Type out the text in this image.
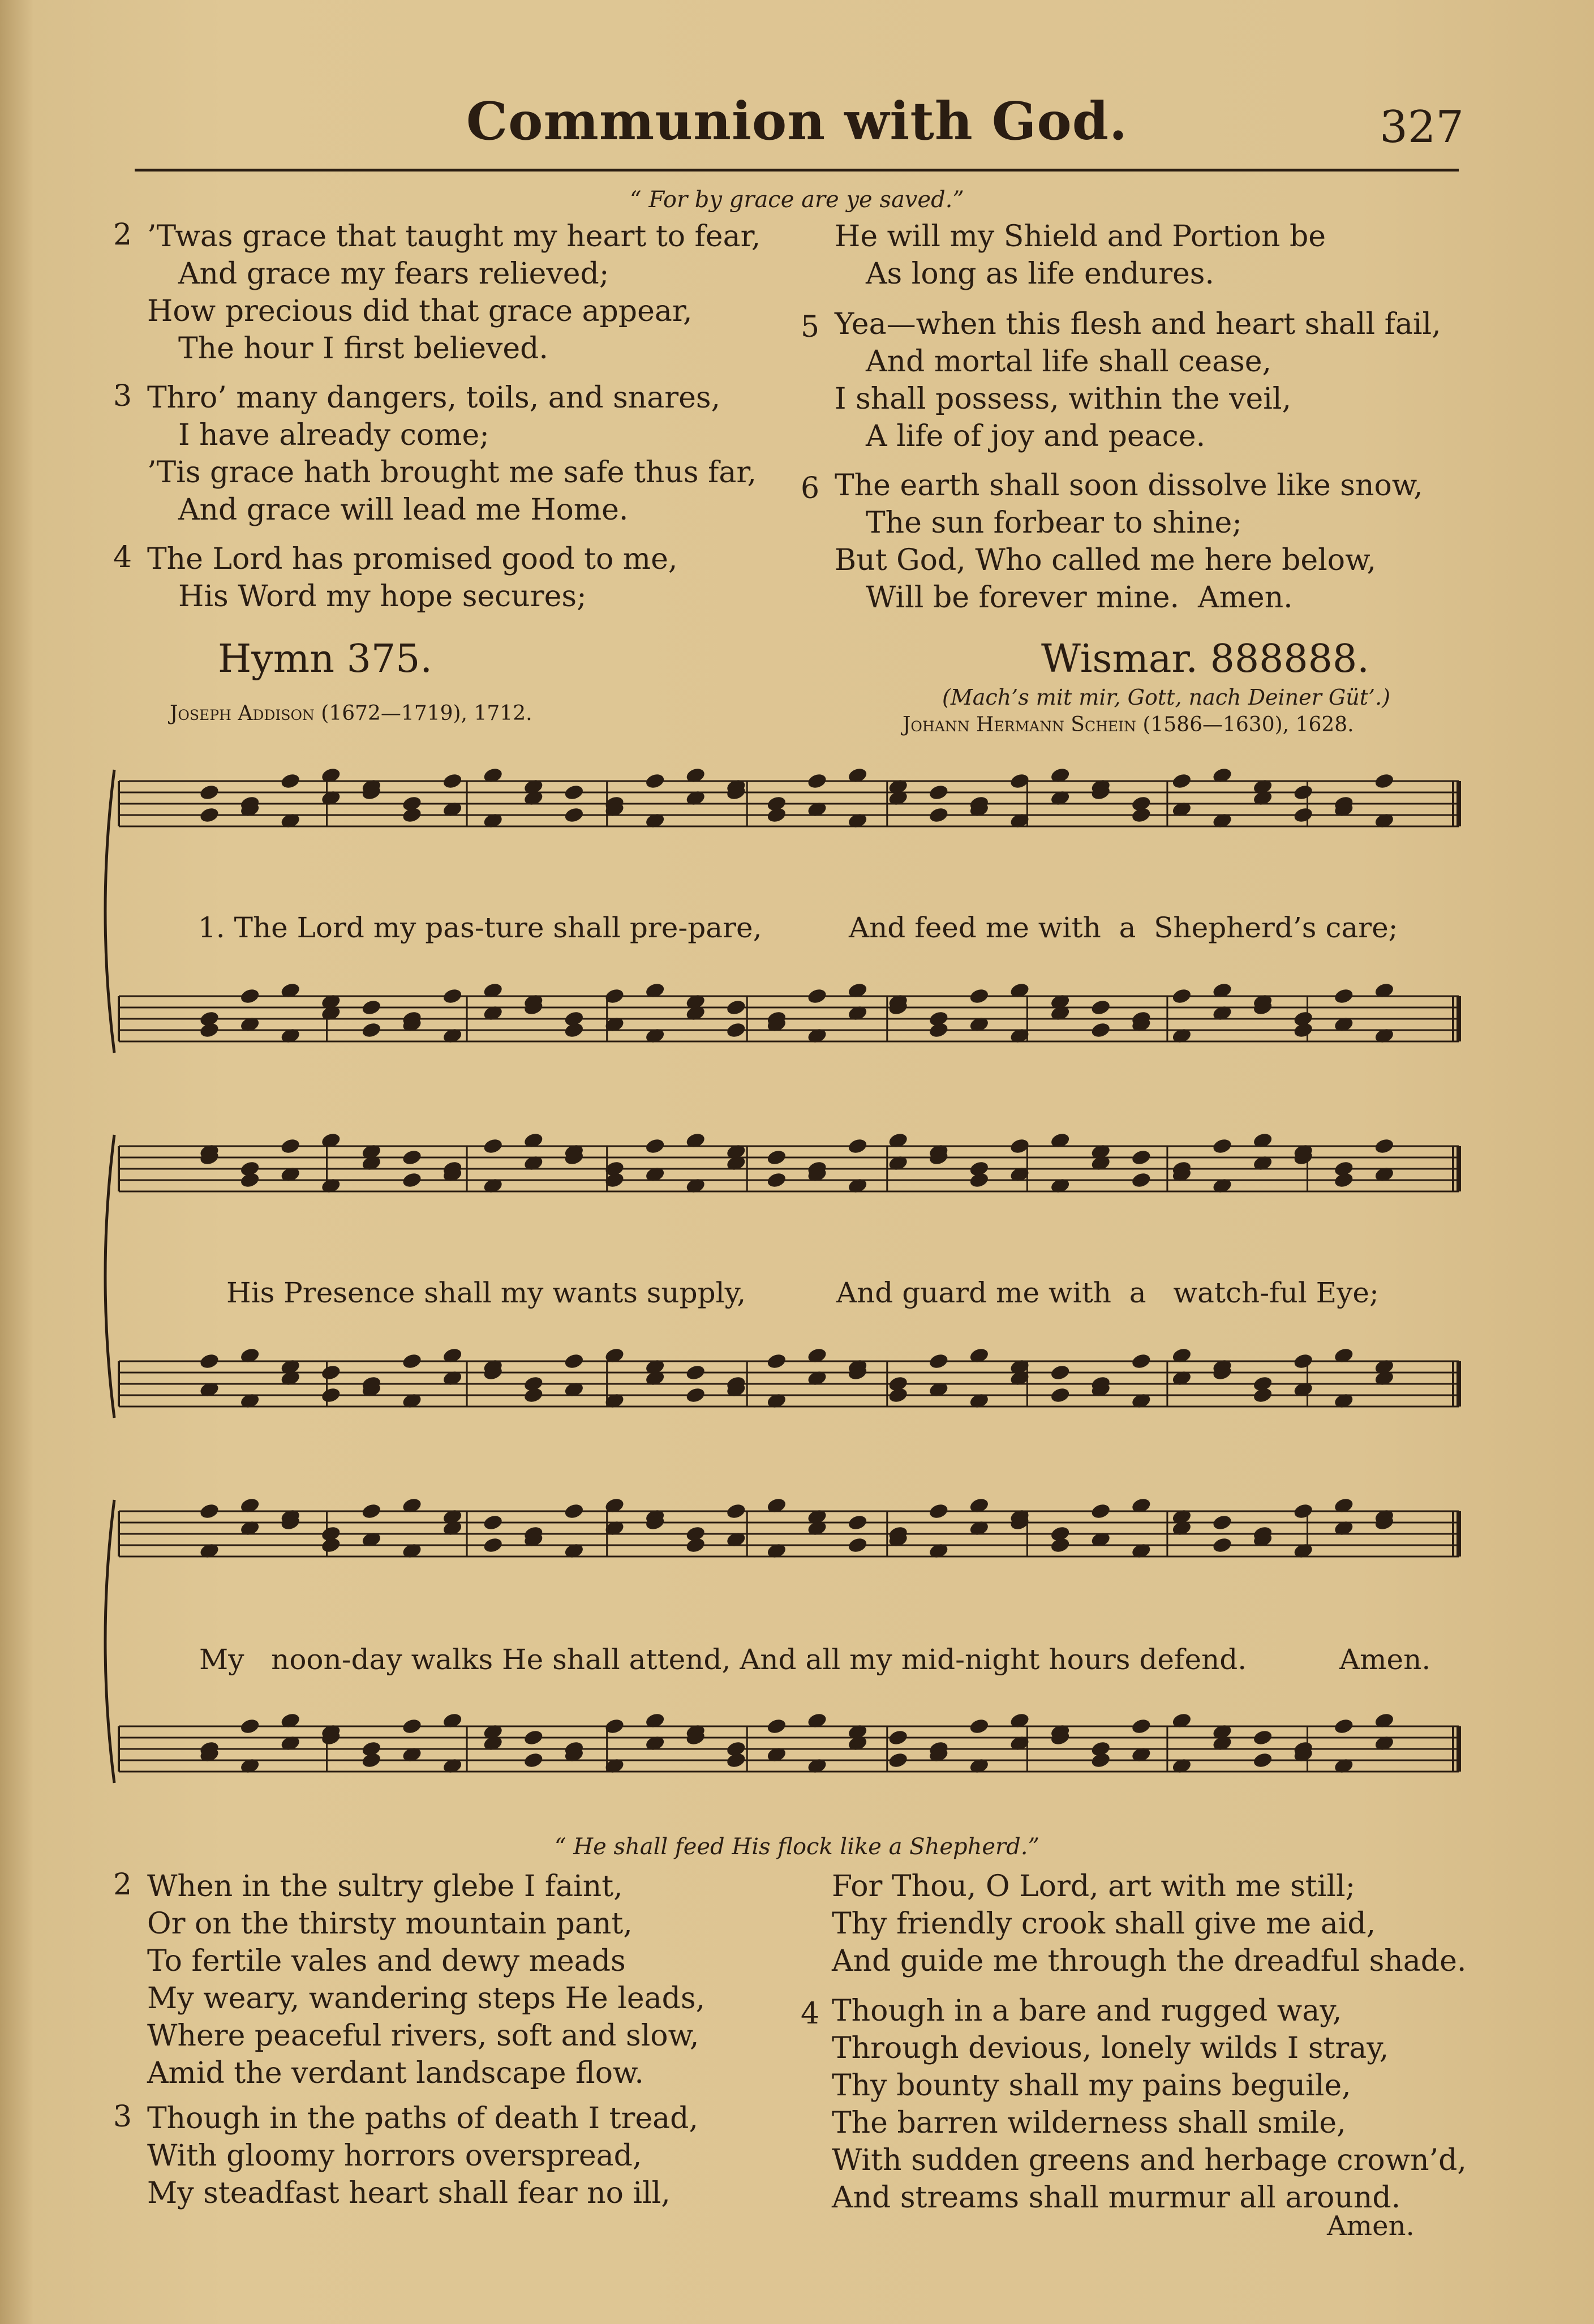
Communion with God.	327
“ For by grace are ye saved.”
2 ’Twas grace that taught my heart to fear,
And grace my fears relieved;
How precious did that grace appear,
The hour I first believed.
3 Thro’ many dangers, toils, and snares,
I have already come;
’Tis grace hath brought me safe thus far,
And grace will lead me Home.
4 The Lord has promised good to me,
His Word my hope secures;
He will my Shield and Portion be
As long as life endures.
5 Yea—when this flesh and heart shall fail,
And mortal life shall cease,
I shall possess, within the veil,
A life of joy and peace.
6 The earth shall soon dissolve like snow,
The sun forbear to shine;
But God, Who called me here below,
Will be forever mine.  Amen.
Hymn 375.	Wismar. 888888.
Joseph Addison (1672—1719), 1712.
(Mach’s mit mir, Gott, nach Deiner Güt’.)
Johann Hermann Schein (1586—1630), 1628.
1. The Lord my pas-ture shall pre-pare,	And feed me with  a  Shepherd’s care;
His Presence shall my wants supply,	And guard me with  a   watch-ful Eye;
My   noon-day walks He shall attend, And all my mid-night hours defend.	Amen.
“ He shall feed His flock like a Shepherd.”
2 When in the sultry glebe I faint,
Or on the thirsty mountain pant,
To fertile vales and dewy meads
My weary, wandering steps He leads,
Where peaceful rivers, soft and slow,
Amid the verdant landscape flow.
3 Though in the paths of death I tread,
With gloomy horrors overspread,
My steadfast heart shall fear no ill,
For Thou, O Lord, art with me still;
Thy friendly crook shall give me aid,
And guide me through the dreadful shade.
4 Though in a bare and rugged way,
Through devious, lonely wilds I stray,
Thy bounty shall my pains beguile,
The barren wilderness shall smile,
With sudden greens and herbage crown’d,
And streams shall murmur all around.
Amen.
